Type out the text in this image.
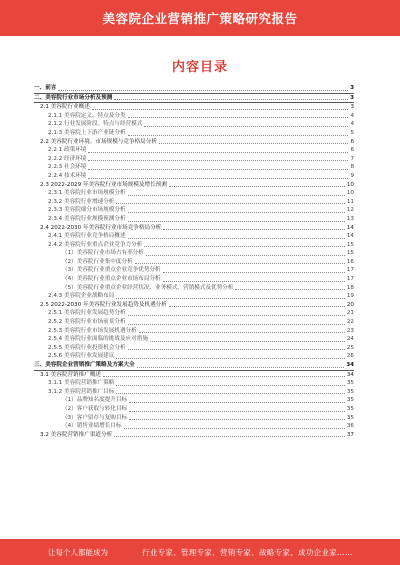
美容院企业营销推广策略研究报告
内容目录
一、前言	3
二、美容院行业市场分析及预测	3
2.1 美容院行业概述	3
2.1.1 美容院定义、特点及分类	4
2.1.2 行业发展阶段、特点与经营模式	4
2.1.3 美容院上下游产业链分析	5
2.2 美容院行业环境、市场规模与竞争格局分析	6
2.2.1 政策环境	6
2.2.2 经济环境	7
2.2.3 社会环境	8
2.2.4 技术环境	9
2.3 2022-2029 年美容院行业市场规模及增长预测	10
2.3.1 美容院行业市场规模分析	10
2.3.2 美容院行业增速分析	11
2.3.3 美容院细分市场规模分析	12
2.3.4 美容院行业规模预测分析	13
2.4 2022-2030 年美容院行业市场竞争格局分析	14
2.4.1 美容院行业竞争格局概述	14
2.4.2 美容院行业重点企业竞争力分析	15
（1）美容院行业市场占有率分析	15
（2）美容院行业集中度分析	16
（3）美容院行业重点企业竞争优势分析	17
（4）美容院行业重点企业市场布局分析	17
（5）美容院行业重点企业经营状况、业务模式、营销模式及优势分析	18
2.4.3 美容院企业战略布局	19
2.5 2022-2030 年美容院行业发展趋势及机遇分析	20
2.5.1 美容院行业发展趋势分析	21
2.5.2 美容院行业市场前景分析	22
2.5.3 美容院行业市场发展机遇分析	23
2.5.4 美容院行业面临的挑战及应对措施	24
2.5.5 美容院行业投资机会分析	25
2.5.6 美容院行业发展建议	26
三、美容院企业营销推广策略及方案大全	34
3.1 美容院营销推广概述	34
3.1.1 美容院营销推广策略	35
3.1.2 美容院营销推广目标	35
（1）品牌知名度提升目标	35
（2）客户获取与转化目标	35
（3）客户留存与复购目标	35
（4）销售业绩增长目标	36
3.2 美容院营销推广渠道分析	37
让每个人都能成为	行业专家、管理专家、营销专家、战略专家、成功企业家……
